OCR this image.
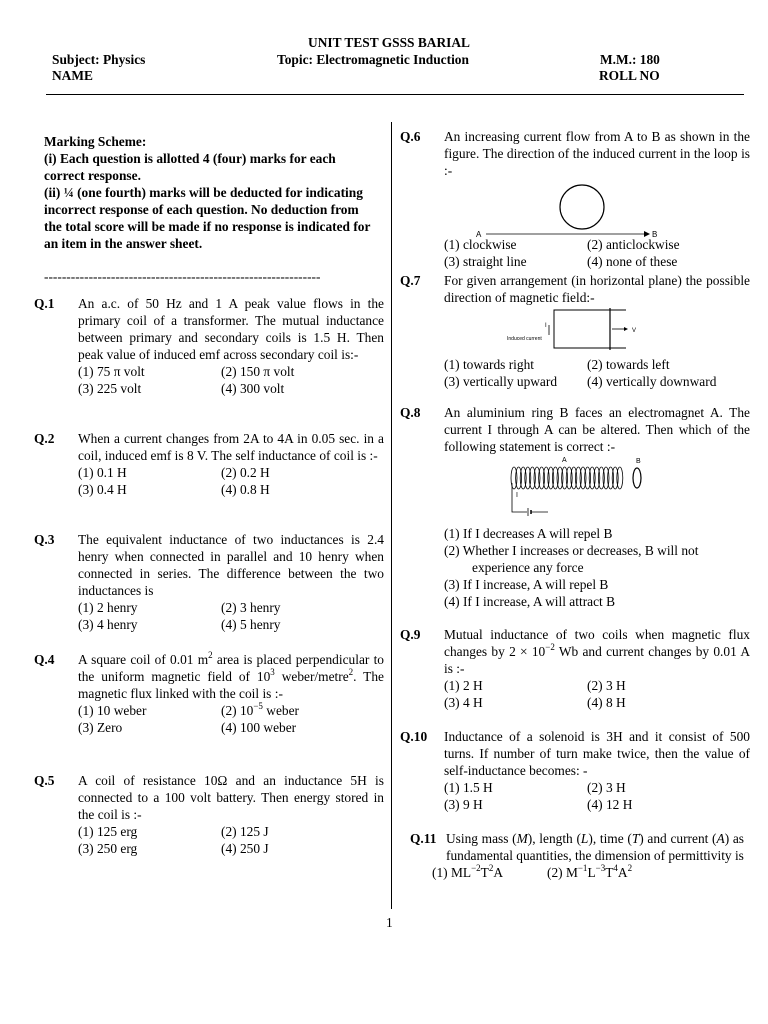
UNIT TEST GSSS BARIAL
Subject: Physics	Topic: Electromagnetic Induction	M.M.: 180
NAME	ROLL NO
Marking Scheme:
(i) Each question is allotted 4 (four) marks for each correct response.
(ii) ¼ (one fourth) marks will be deducted for indicating incorrect response of each question. No deduction from the total score will be made if no response is indicated for an item in the answer sheet.
--------------------------------------------------------------
Q.1 An a.c. of 50 Hz and 1 A peak value flows in the primary coil of a transformer. The mutual inductance between primary and secondary coils is 1.5 H. Then peak value of induced emf across secondary coil is:-
(1) 75 π volt	(2) 150 π volt
(3) 225 volt	(4) 300 volt
Q.2 When a current changes from 2A to 4A in 0.05 sec. in a coil, induced emf is 8 V. The self inductance of coil is :-
(1) 0.1 H	(2) 0.2 H
(3) 0.4 H	(4) 0.8 H
Q.3 The equivalent inductance of two inductances is 2.4 henry when connected in parallel and 10 henry when connected in series. The difference between the two inductances is
(1) 2 henry	(2) 3 henry
(3) 4 henry	(4) 5 henry
Q.4 A square coil of 0.01 $m^2$ area is placed perpendicular to the uniform magnetic field of $10^3$ weber/metre$^2$. The magnetic flux linked with the coil is :-
(1) 10 weber	(2) $10^{-5}$ weber
(3) Zero	(4) 100 weber
Q.5 A coil of resistance 10Ω and an inductance 5H is connected to a 100 volt battery. Then energy stored in the coil is :-
(1) 125 erg	(2) 125 J
(3) 250 erg	(4) 250 J
Q.6 An increasing current flow from A to B as shown in the figure. The direction of the induced current in the loop is :-
A	B
(1) clockwise	(2) anticlockwise
(3) straight line	(4) none of these
Q.7 For given arrangement (in horizontal plane) the possible direction of magnetic field:-
I
Induced current
V
(1) towards right	(2) towards left
(3) vertically upward	(4) vertically downward
Q.8 An aluminium ring B faces an electromagnet A. The current I through A can be altered. Then which of the following statement is correct :-
A	B
I
(1) If I decreases A will repel B
(2) Whether I increases or decreases, B will not
experience any force
(3) If I increase, A will repel B
(4) If I increase, A will attract B
Q.9 Mutual inductance of two coils when magnetic flux changes by $2 \times 10^{-2}$ Wb and current changes by 0.01 A is :-
(1) 2 H	(2) 3 H
(3) 4 H	(4) 8 H
Q.10 Inductance of a solenoid is 3H and it consist of 500 turns. If number of turn make twice, then the value of self-inductance becomes: -
(1) 1.5 H	(2) 3 H
(3) 9 H	(4) 12 H
Q.11 Using mass (M), length (L), time (T) and current (A) as fundamental quantities, the dimension of permittivity is
(1) $ML^{-2}T^2A$	(2) $M^{-1}L^{-3}T^4A^2$
1
